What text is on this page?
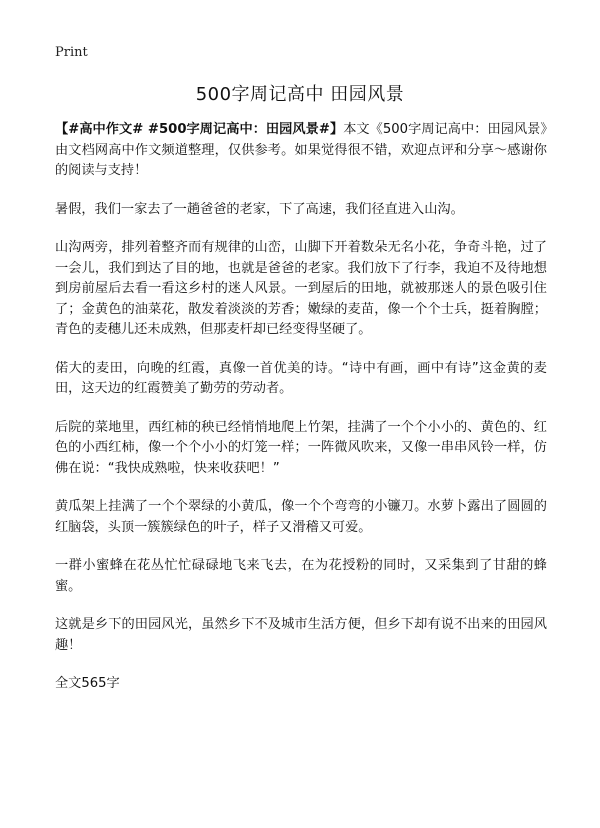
Print
500字周记高中 田园风景

【#高中作文# #500字周记高中：田园风景#】本文《500字周记高中：田园风景》由文档网高中作文频道整理，仅供参考。如果觉得很不错，欢迎点评和分享～感谢你的阅读与支持！

暑假，我们一家去了一趟爸爸的老家，下了高速，我们径直进入山沟。

山沟两旁，排列着整齐而有规律的山峦，山脚下开着数朵无名小花，争奇斗艳，过了一会儿，我们到达了目的地，也就是爸爸的老家。我们放下了行李，我迫不及待地想到房前屋后去看一看这乡村的迷人风景。一到屋后的田地，就被那迷人的景色吸引住了；金黄色的油菜花，散发着淡淡的芳香；嫩绿的麦苗，像一个个士兵，挺着胸膛；青色的麦穗儿还未成熟，但那麦杆却已经变得坚硬了。

偌大的麦田，向晚的红霞，真像一首优美的诗。“诗中有画，画中有诗”这金黄的麦田，这天边的红霞赞美了勤劳的劳动者。

后院的菜地里，西红柿的秧已经悄悄地爬上竹架，挂满了一个个小小的、黄色的、红色的小西红柿，像一个个小小的灯笼一样；一阵微风吹来，又像一串串风铃一样，仿佛在说：“我快成熟啦，快来收获吧！”

黄瓜架上挂满了一个个翠绿的小黄瓜，像一个个弯弯的小镰刀。水萝卜露出了圆圆的红脑袋，头顶一簇簇绿色的叶子，样子又滑稽又可爱。

一群小蜜蜂在花丛忙忙碌碌地飞来飞去，在为花授粉的同时，又采集到了甘甜的蜂蜜。

这就是乡下的田园风光，虽然乡下不及城市生活方便，但乡下却有说不出来的田园风趣！

全文565字
